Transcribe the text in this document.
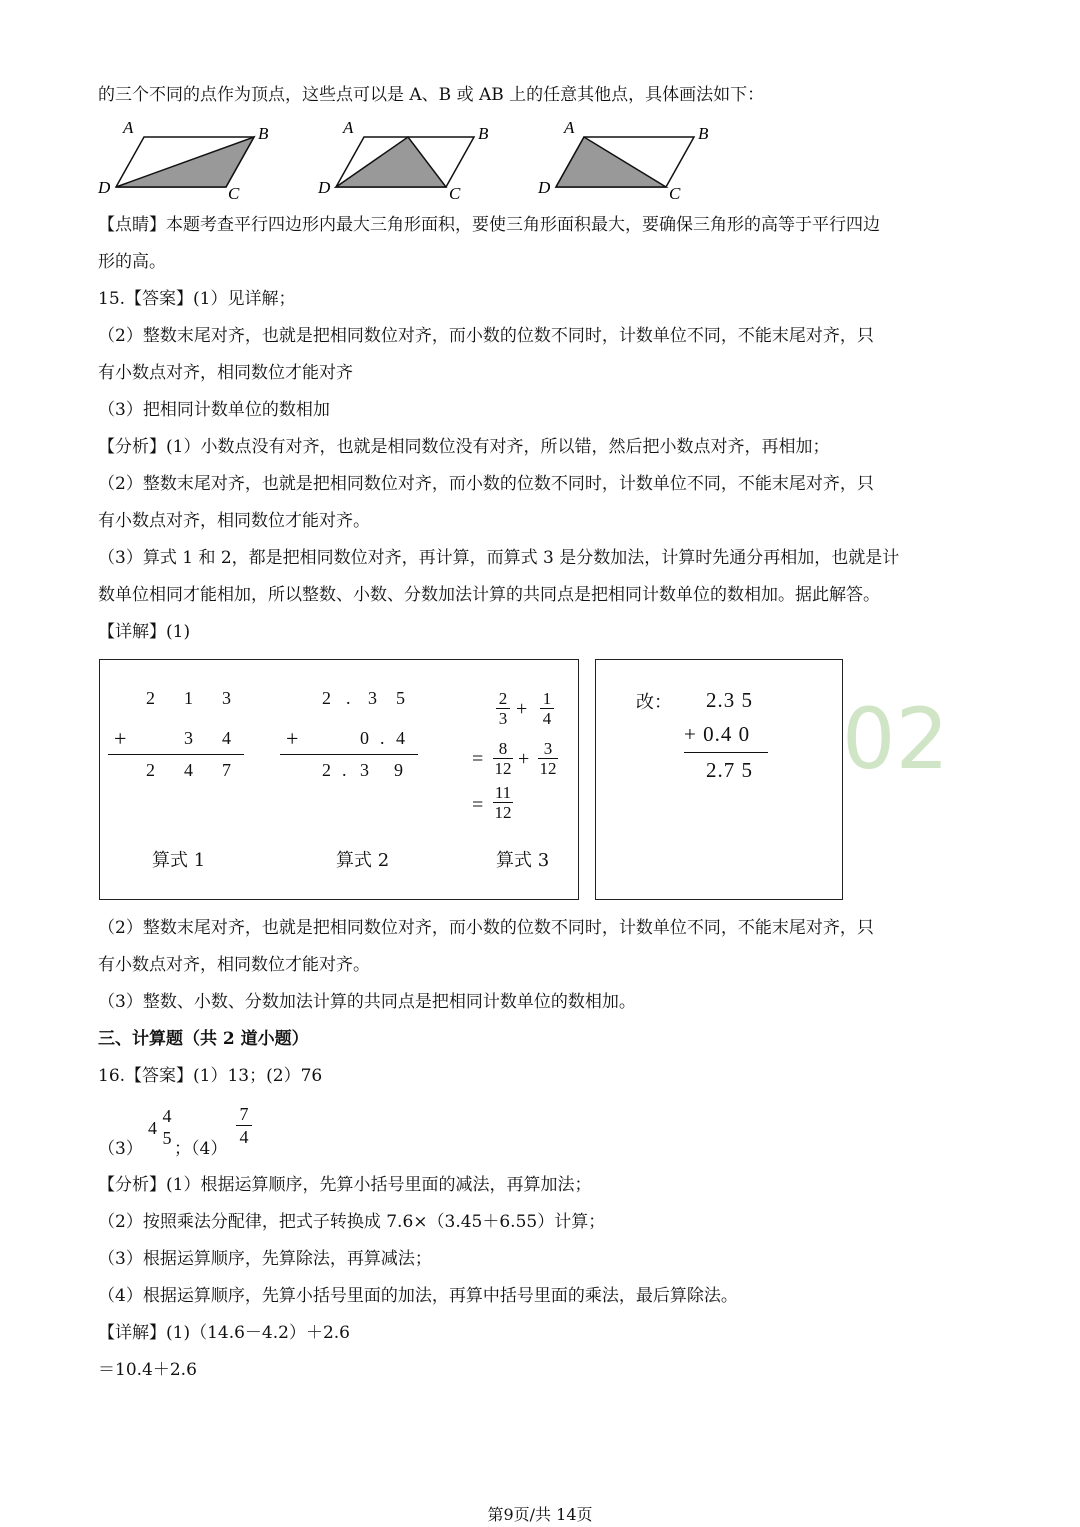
的三个不同的点作为顶点，这些点可以是 A、B 或 AB 上的任意其他点，具体画法如下：
A	B
D	C
A	B
D	C
A	B
D	C
【点睛】本题考查平行四边形内最大三角形面积，要使三角形面积最大，要确保三角形的高等于平行四边
形的高。
15.【答案】(1）见详解；
（2）整数末尾对齐，也就是把相同数位对齐，而小数的位数不同时，计数单位不同，不能末尾对齐，只
有小数点对齐，相同数位才能对齐
（3）把相同计数单位的数相加
【分析】(1）小数点没有对齐，也就是相同数位没有对齐，所以错，然后把小数点对齐，再相加；
（2）整数末尾对齐，也就是把相同数位对齐，而小数的位数不同时，计数单位不同，不能末尾对齐，只
有小数点对齐，相同数位才能对齐。
（3）算式 1 和 2，都是把相同数位对齐，再计算，而算式 3 是分数加法，计算时先通分再相加，也就是计
数单位相同才能相加，所以整数、小数、分数加法计算的共同点是把相同计数单位的数相加。据此解答。
【详解】(1)
2 1 3
+	3 4
2 4 7
算式 1
2 . 3 5
+	0 . 4
2 . 3 9
算式 2
2
3 + 1
4
= 8
12 + 3
12
=
11
12
算式 3
改： 2.3 5
+ 0.4 0
2.7 5 02
（2）整数末尾对齐，也就是把相同数位对齐，而小数的位数不同时，计数单位不同，不能末尾对齐，只
有小数点对齐，相同数位才能对齐。
（3）整数、小数、分数加法计算的共同点是把相同计数单位的数相加。
三、计算题（共 2 道小题）
16.【答案】(1）13；(2）76
（3）
4
4
5
；（4）
7
4
【分析】(1）根据运算顺序，先算小括号里面的减法，再算加法；
（2）按照乘法分配律，把式子转换成 7.6×（3.45＋6.55）计算；
（3）根据运算顺序，先算除法，再算减法；
（4）根据运算顺序，先算小括号里面的加法，再算中括号里面的乘法，最后算除法。
【详解】(1)（14.6－4.2）＋2.6
＝10.4＋2.6
第9页/共 14页
